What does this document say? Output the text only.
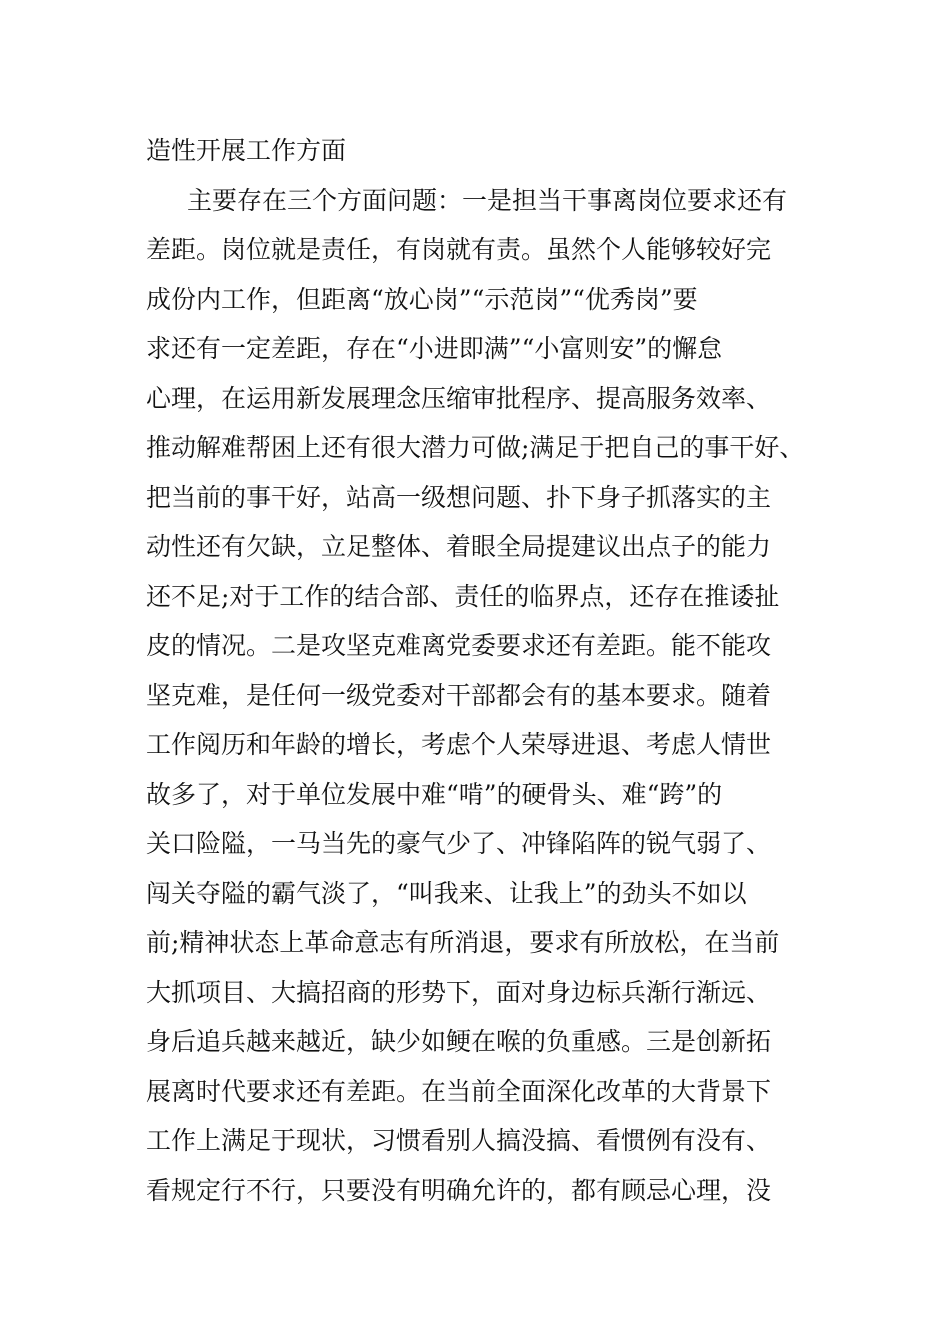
造性开展工作方面
主要存在三个方面问题：一是担当干事离岗位要求还有
差距。岗位就是责任，有岗就有责。虽然个人能够较好完
成份内工作，但距离“放心岗”“示范岗”“优秀岗”要
求还有一定差距，存在“小进即满”“小富则安”的懈怠
心理，在运用新发展理念压缩审批程序、提高服务效率、
推动解难帮困上还有很大潜力可做;满足于把自己的事干好、
把当前的事干好，站高一级想问题、扑下身子抓落实的主
动性还有欠缺，立足整体、着眼全局提建议出点子的能力
还不足;对于工作的结合部、责任的临界点，还存在推诿扯
皮的情况。二是攻坚克难离党委要求还有差距。能不能攻
坚克难，是任何一级党委对干部都会有的基本要求。随着
工作阅历和年龄的增长，考虑个人荣辱进退、考虑人情世
故多了，对于单位发展中难“啃”的硬骨头、难“跨”的
关口险隘，一马当先的豪气少了、冲锋陷阵的锐气弱了、
闯关夺隘的霸气淡了，“叫我来、让我上”的劲头不如以
前;精神状态上革命意志有所消退，要求有所放松，在当前
大抓项目、大搞招商的形势下，面对身边标兵渐行渐远、
身后追兵越来越近，缺少如鲠在喉的负重感。三是创新拓
展离时代要求还有差距。在当前全面深化改革的大背景下
工作上满足于现状，习惯看别人搞没搞、看惯例有没有、
看规定行不行，只要没有明确允许的，都有顾忌心理，没
